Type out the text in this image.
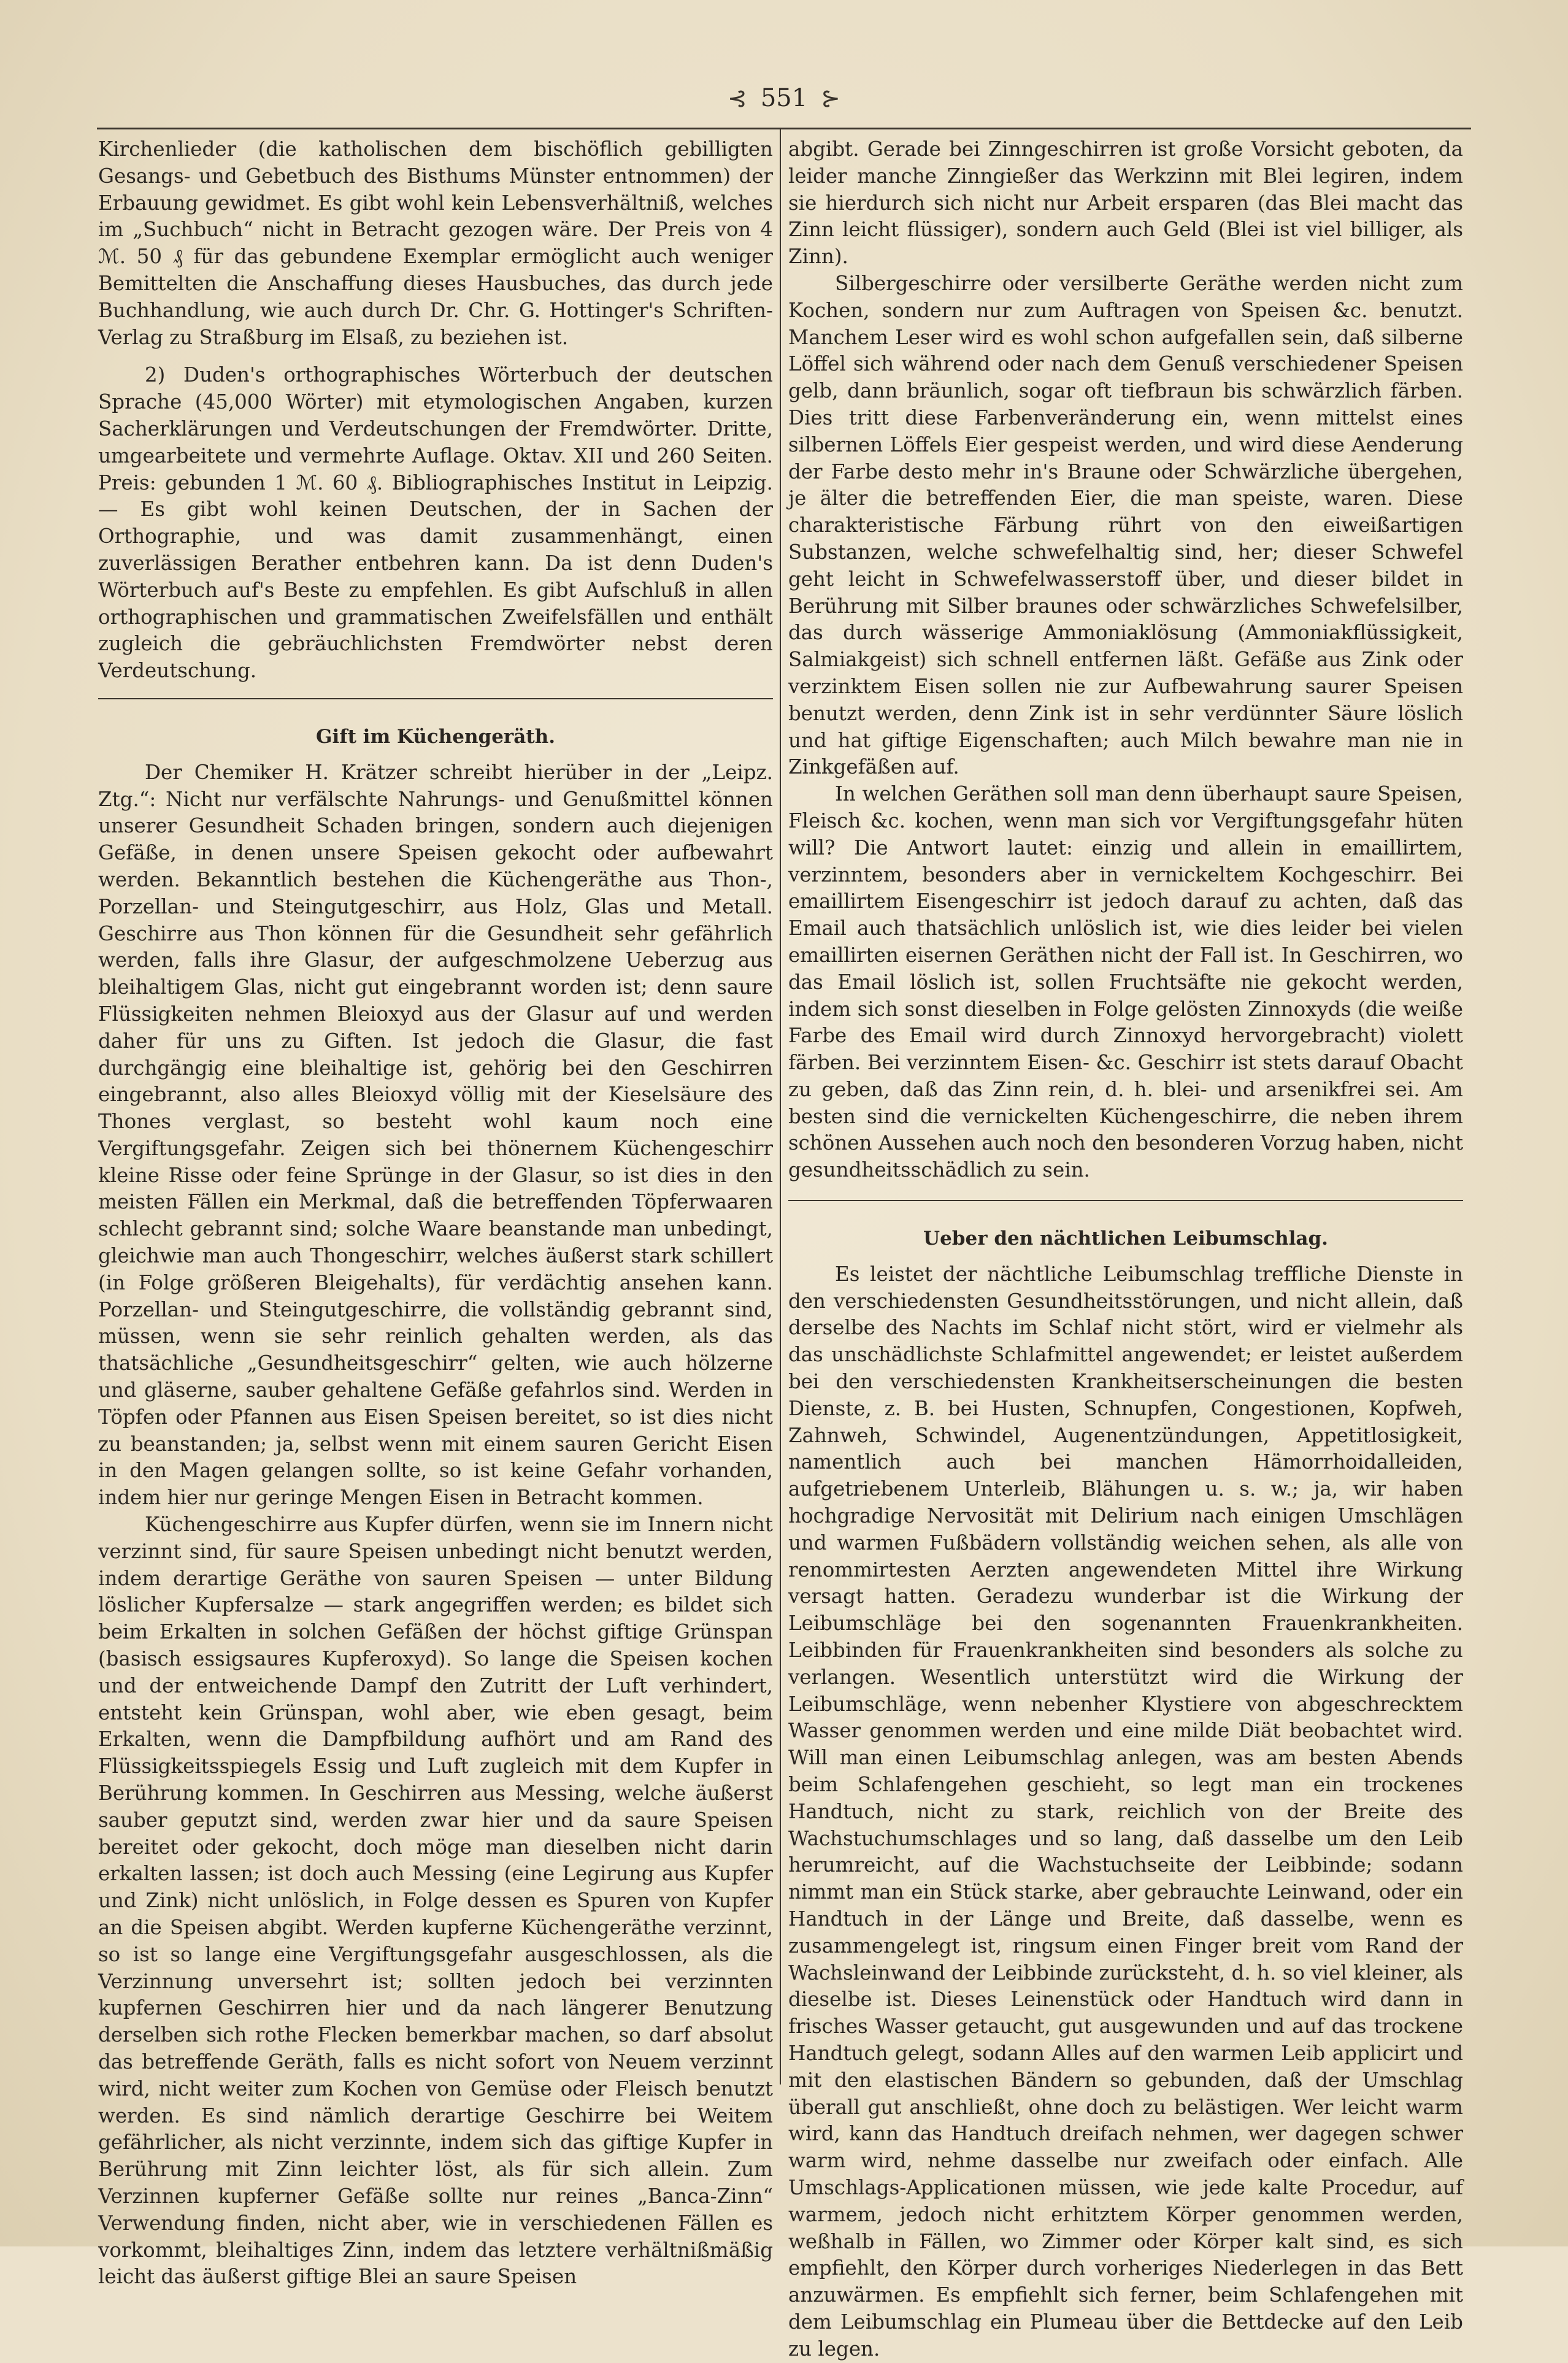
⊰ 551 ⊱

Kirchenlieder (die katholischen dem bischöflich gebilligten Gesangs- und Gebetbuch des Bisthums Münster entnommen) der Erbauung gewidmet. Es gibt wohl kein Lebensverhältniß, welches im „Suchbuch“ nicht in Betracht gezogen wäre. Der Preis von 4 ℳ. 50 ₰ für das gebundene Exemplar ermöglicht auch weniger Bemittelten die Anschaffung dieses Hausbuches, das durch jede Buchhandlung, wie auch durch Dr. Chr. G. Hottinger's Schriften-Verlag zu Straßburg im Elsaß, zu beziehen ist.

2) Duden's orthographisches Wörterbuch der deutschen Sprache (45,000 Wörter) mit etymologischen Angaben, kurzen Sacherklärungen und Verdeutschungen der Fremdwörter. Dritte, umgearbeitete und vermehrte Auflage. Oktav. XII und 260 Seiten. Preis: gebunden 1 ℳ. 60 ₰. Bibliographisches Institut in Leipzig. — Es gibt wohl keinen Deutschen, der in Sachen der Orthographie, und was damit zusammenhängt, einen zuverlässigen Berather entbehren kann. Da ist denn Duden's Wörterbuch auf's Beste zu empfehlen. Es gibt Aufschluß in allen orthographischen und grammatischen Zweifelsfällen und enthält zugleich die gebräuchlichsten Fremdwörter nebst deren Verdeutschung.

Gift im Küchengeräth.

Der Chemiker H. Krätzer schreibt hierüber in der „Leipz. Ztg.“: Nicht nur verfälschte Nahrungs- und Genußmittel können unserer Gesundheit Schaden bringen, sondern auch diejenigen Gefäße, in denen unsere Speisen gekocht oder aufbewahrt werden. Bekanntlich bestehen die Küchengeräthe aus Thon-, Porzellan- und Steingutgeschirr, aus Holz, Glas und Metall. Geschirre aus Thon können für die Gesundheit sehr gefährlich werden, falls ihre Glasur, der aufgeschmolzene Ueberzug aus bleihaltigem Glas, nicht gut eingebrannt worden ist; denn saure Flüssigkeiten nehmen Bleioxyd aus der Glasur auf und werden daher für uns zu Giften. Ist jedoch die Glasur, die fast durchgängig eine bleihaltige ist, gehörig bei den Geschirren eingebrannt, also alles Bleioxyd völlig mit der Kieselsäure des Thones verglast, so besteht wohl kaum noch eine Vergiftungsgefahr. Zeigen sich bei thönernem Küchengeschirr kleine Risse oder feine Sprünge in der Glasur, so ist dies in den meisten Fällen ein Merkmal, daß die betreffenden Töpferwaaren schlecht gebrannt sind; solche Waare beanstande man unbedingt, gleichwie man auch Thongeschirr, welches äußerst stark schillert (in Folge größeren Bleigehalts), für verdächtig ansehen kann. Porzellan- und Steingutgeschirre, die vollständig gebrannt sind, müssen, wenn sie sehr reinlich gehalten werden, als das thatsächliche „Gesundheitsgeschirr“ gelten, wie auch hölzerne und gläserne, sauber gehaltene Gefäße gefahrlos sind. Werden in Töpfen oder Pfannen aus Eisen Speisen bereitet, so ist dies nicht zu beanstanden; ja, selbst wenn mit einem sauren Gericht Eisen in den Magen gelangen sollte, so ist keine Gefahr vorhanden, indem hier nur geringe Mengen Eisen in Betracht kommen.

Küchengeschirre aus Kupfer dürfen, wenn sie im Innern nicht verzinnt sind, für saure Speisen unbedingt nicht benutzt werden, indem derartige Geräthe von sauren Speisen — unter Bildung löslicher Kupfersalze — stark angegriffen werden; es bildet sich beim Erkalten in solchen Gefäßen der höchst giftige Grünspan (basisch essigsaures Kupferoxyd). So lange die Speisen kochen und der entweichende Dampf den Zutritt der Luft verhindert, entsteht kein Grünspan, wohl aber, wie eben gesagt, beim Erkalten, wenn die Dampfbildung aufhört und am Rand des Flüssigkeitsspiegels Essig und Luft zugleich mit dem Kupfer in Berührung kommen. In Geschirren aus Messing, welche äußerst sauber geputzt sind, werden zwar hier und da saure Speisen bereitet oder gekocht, doch möge man dieselben nicht darin erkalten lassen; ist doch auch Messing (eine Legirung aus Kupfer und Zink) nicht unlöslich, in Folge dessen es Spuren von Kupfer an die Speisen abgibt. Werden kupferne Küchengeräthe verzinnt, so ist so lange eine Vergiftungsgefahr ausgeschlossen, als die Verzinnung unversehrt ist; sollten jedoch bei verzinnten kupfernen Geschirren hier und da nach längerer Benutzung derselben sich rothe Flecken bemerkbar machen, so darf absolut das betreffende Geräth, falls es nicht sofort von Neuem verzinnt wird, nicht weiter zum Kochen von Gemüse oder Fleisch benutzt werden. Es sind nämlich derartige Geschirre bei Weitem gefährlicher, als nicht verzinnte, indem sich das giftige Kupfer in Berührung mit Zinn leichter löst, als für sich allein. Zum Verzinnen kupferner Gefäße sollte nur reines „Banca-Zinn“ Verwendung finden, nicht aber, wie in verschiedenen Fällen es vorkommt, bleihaltiges Zinn, indem das letztere verhältnißmäßig leicht das äußerst giftige Blei an saure Speisen

abgibt. Gerade bei Zinngeschirren ist große Vorsicht geboten, da leider manche Zinngießer das Werkzinn mit Blei legiren, indem sie hierdurch sich nicht nur Arbeit ersparen (das Blei macht das Zinn leicht flüssiger), sondern auch Geld (Blei ist viel billiger, als Zinn).

Silbergeschirre oder versilberte Geräthe werden nicht zum Kochen, sondern nur zum Auftragen von Speisen &c. benutzt. Manchem Leser wird es wohl schon aufgefallen sein, daß silberne Löffel sich während oder nach dem Genuß verschiedener Speisen gelb, dann bräunlich, sogar oft tiefbraun bis schwärzlich färben. Dies tritt diese Farbenveränderung ein, wenn mittelst eines silbernen Löffels Eier gespeist werden, und wird diese Aenderung der Farbe desto mehr in's Braune oder Schwärzliche übergehen, je älter die betreffenden Eier, die man speiste, waren. Diese charakteristische Färbung rührt von den eiweißartigen Substanzen, welche schwefelhaltig sind, her; dieser Schwefel geht leicht in Schwefelwasserstoff über, und dieser bildet in Berührung mit Silber braunes oder schwärzliches Schwefelsilber, das durch wässerige Ammoniaklösung (Ammoniakflüssigkeit, Salmiakgeist) sich schnell entfernen läßt. Gefäße aus Zink oder verzinktem Eisen sollen nie zur Aufbewahrung saurer Speisen benutzt werden, denn Zink ist in sehr verdünnter Säure löslich und hat giftige Eigenschaften; auch Milch bewahre man nie in Zinkgefäßen auf.

In welchen Geräthen soll man denn überhaupt saure Speisen, Fleisch &c. kochen, wenn man sich vor Vergiftungsgefahr hüten will? Die Antwort lautet: einzig und allein in emaillirtem, verzinntem, besonders aber in vernickeltem Kochgeschirr. Bei emaillirtem Eisengeschirr ist jedoch darauf zu achten, daß das Email auch thatsächlich unlöslich ist, wie dies leider bei vielen emaillirten eisernen Geräthen nicht der Fall ist. In Geschirren, wo das Email löslich ist, sollen Fruchtsäfte nie gekocht werden, indem sich sonst dieselben in Folge gelösten Zinnoxyds (die weiße Farbe des Email wird durch Zinnoxyd hervorgebracht) violett färben. Bei verzinntem Eisen- &c. Geschirr ist stets darauf Obacht zu geben, daß das Zinn rein, d. h. blei- und arsenikfrei sei. Am besten sind die vernickelten Küchengeschirre, die neben ihrem schönen Aussehen auch noch den besonderen Vorzug haben, nicht gesundheitsschädlich zu sein.

Ueber den nächtlichen Leibumschlag.

Es leistet der nächtliche Leibumschlag treffliche Dienste in den verschiedensten Gesundheitsstörungen, und nicht allein, daß derselbe des Nachts im Schlaf nicht stört, wird er vielmehr als das unschädlichste Schlafmittel angewendet; er leistet außerdem bei den verschiedensten Krankheitserscheinungen die besten Dienste, z. B. bei Husten, Schnupfen, Congestionen, Kopfweh, Zahnweh, Schwindel, Augenentzündungen, Appetitlosigkeit, namentlich auch bei manchen Hämorrhoidalleiden, aufgetriebenem Unterleib, Blähungen u. s. w.; ja, wir haben hochgradige Nervosität mit Delirium nach einigen Umschlägen und warmen Fußbädern vollständig weichen sehen, als alle von renommirtesten Aerzten angewendeten Mittel ihre Wirkung versagt hatten. Geradezu wunderbar ist die Wirkung der Leibumschläge bei den sogenannten Frauenkrankheiten. Leibbinden für Frauenkrankheiten sind besonders als solche zu verlangen. Wesentlich unterstützt wird die Wirkung der Leibumschläge, wenn nebenher Klystiere von abgeschrecktem Wasser genommen werden und eine milde Diät beobachtet wird. Will man einen Leibumschlag anlegen, was am besten Abends beim Schlafengehen geschieht, so legt man ein trockenes Handtuch, nicht zu stark, reichlich von der Breite des Wachstuchumschlages und so lang, daß dasselbe um den Leib herumreicht, auf die Wachstuchseite der Leibbinde; sodann nimmt man ein Stück starke, aber gebrauchte Leinwand, oder ein Handtuch in der Länge und Breite, daß dasselbe, wenn es zusammengelegt ist, ringsum einen Finger breit vom Rand der Wachsleinwand der Leibbinde zurücksteht, d. h. so viel kleiner, als dieselbe ist. Dieses Leinenstück oder Handtuch wird dann in frisches Wasser getaucht, gut ausgewunden und auf das trockene Handtuch gelegt, sodann Alles auf den warmen Leib applicirt und mit den elastischen Bändern so gebunden, daß der Umschlag überall gut anschließt, ohne doch zu belästigen. Wer leicht warm wird, kann das Handtuch dreifach nehmen, wer dagegen schwer warm wird, nehme dasselbe nur zweifach oder einfach. Alle Umschlags-Applicationen müssen, wie jede kalte Procedur, auf warmem, jedoch nicht erhitztem Körper genommen werden, weßhalb in Fällen, wo Zimmer oder Körper kalt sind, es sich empfiehlt, den Körper durch vorheriges Niederlegen in das Bett anzuwärmen. Es empfiehlt sich ferner, beim Schlafengehen mit dem Leibumschlag ein Plumeau über die Bettdecke auf den Leib zu legen.
